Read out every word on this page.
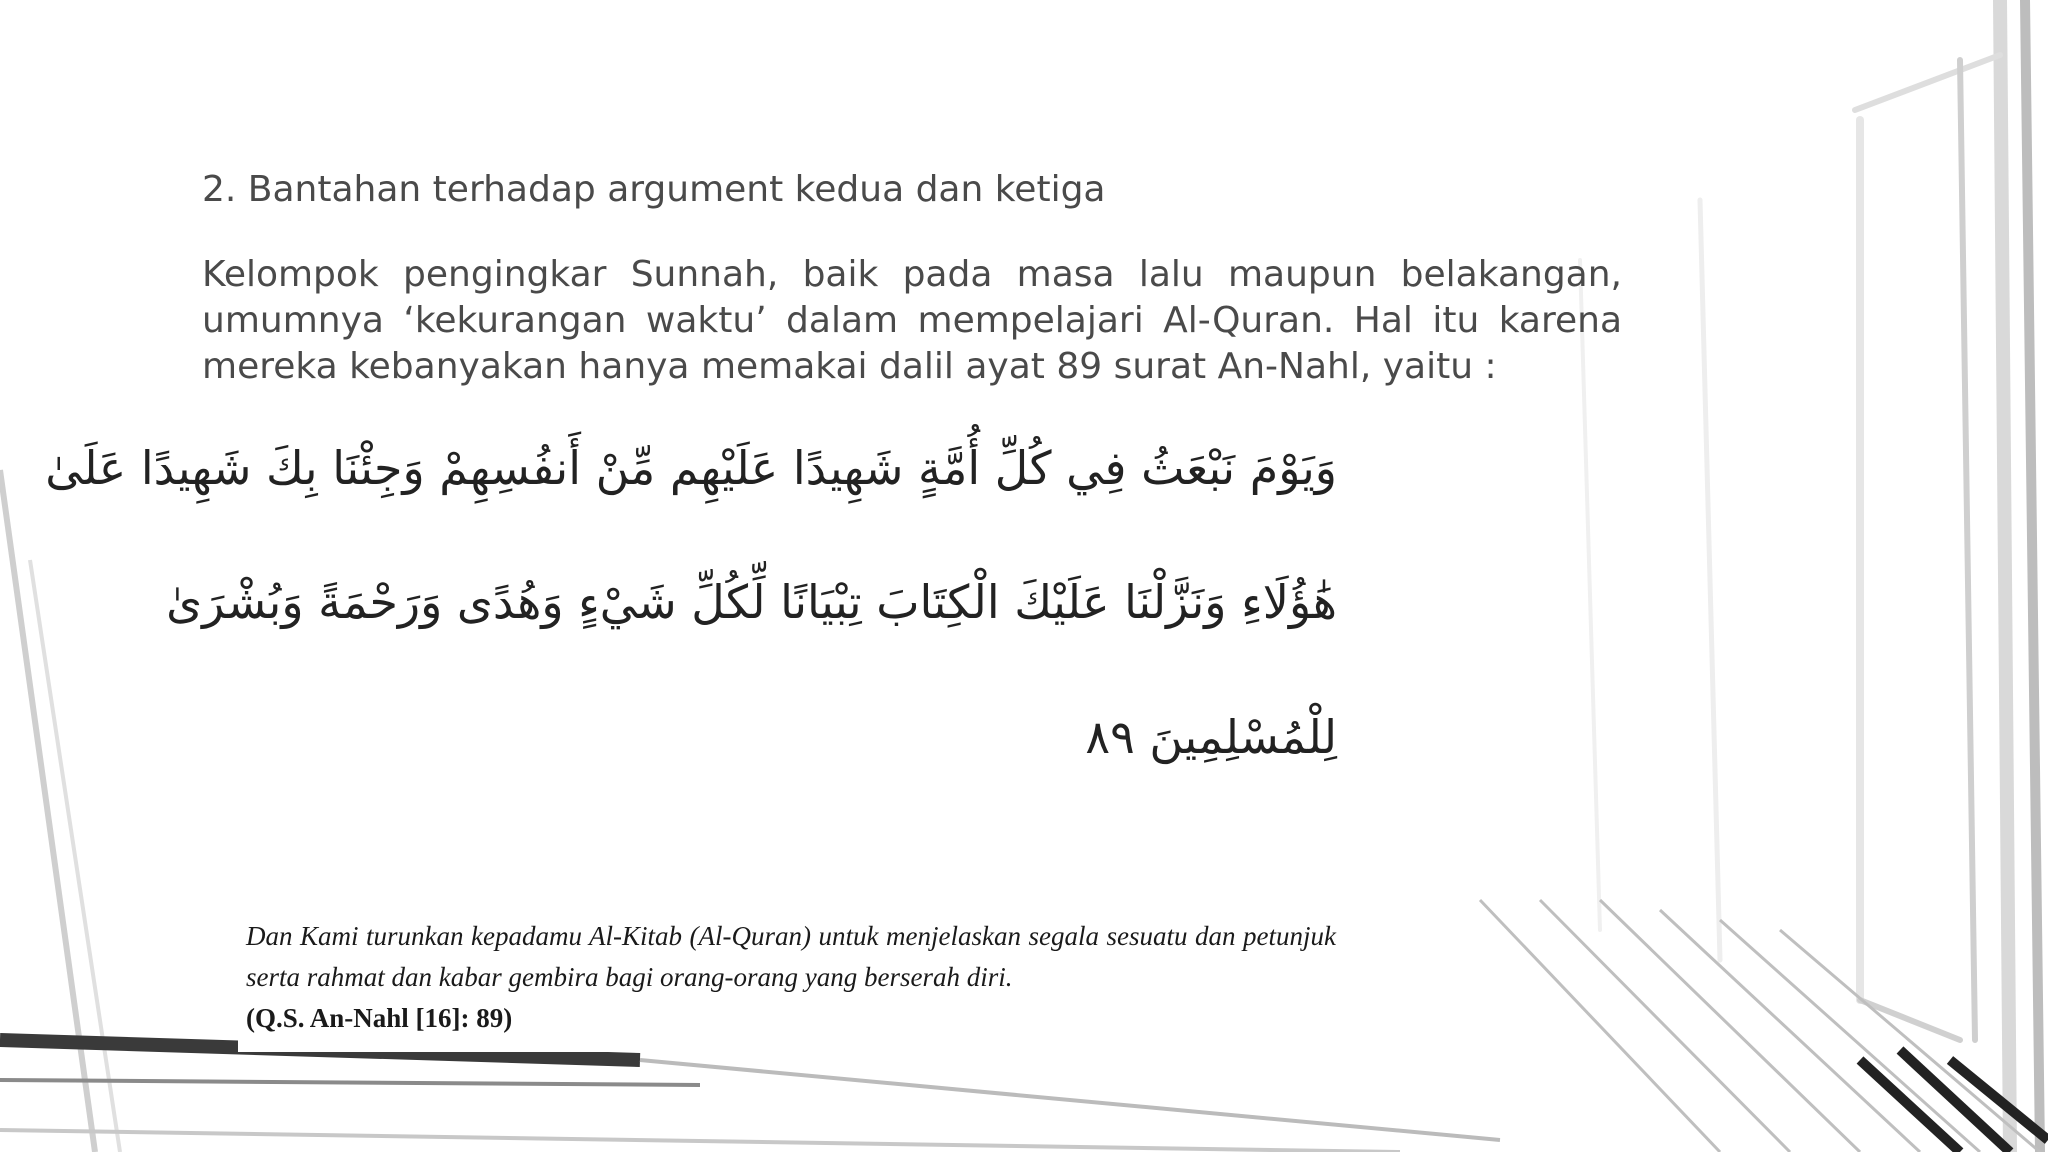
2. Bantahan terhadap argument kedua dan ketiga
Kelompok pengingkar Sunnah, baik pada masa lalu maupun belakangan, umumnya ‘kekurangan waktu’ dalam mempelajari Al-Quran. Hal itu karena mereka kebanyakan hanya memakai dalil ayat 89 surat An-Nahl, yaitu :
وَيَوْمَ نَبْعَثُ فِي كُلِّ أُمَّةٍ شَهِيدًا عَلَيْهِم مِّنْ أَنفُسِهِمْ وَجِئْنَا بِكَ شَهِيدًا عَلَىٰ
هَٰؤُلَاءِ وَنَزَّلْنَا عَلَيْكَ الْكِتَابَ تِبْيَانًا لِّكُلِّ شَيْءٍ وَهُدًى وَرَحْمَةً وَبُشْرَىٰ
لِلْمُسْلِمِينَ ٨٩
Dan Kami turunkan kepadamu Al-Kitab (Al-Quran) untuk menjelaskan segala sesuatu dan petunjuk serta rahmat dan kabar gembira bagi orang-orang yang berserah diri.
(Q.S. An-Nahl [16]: 89)
